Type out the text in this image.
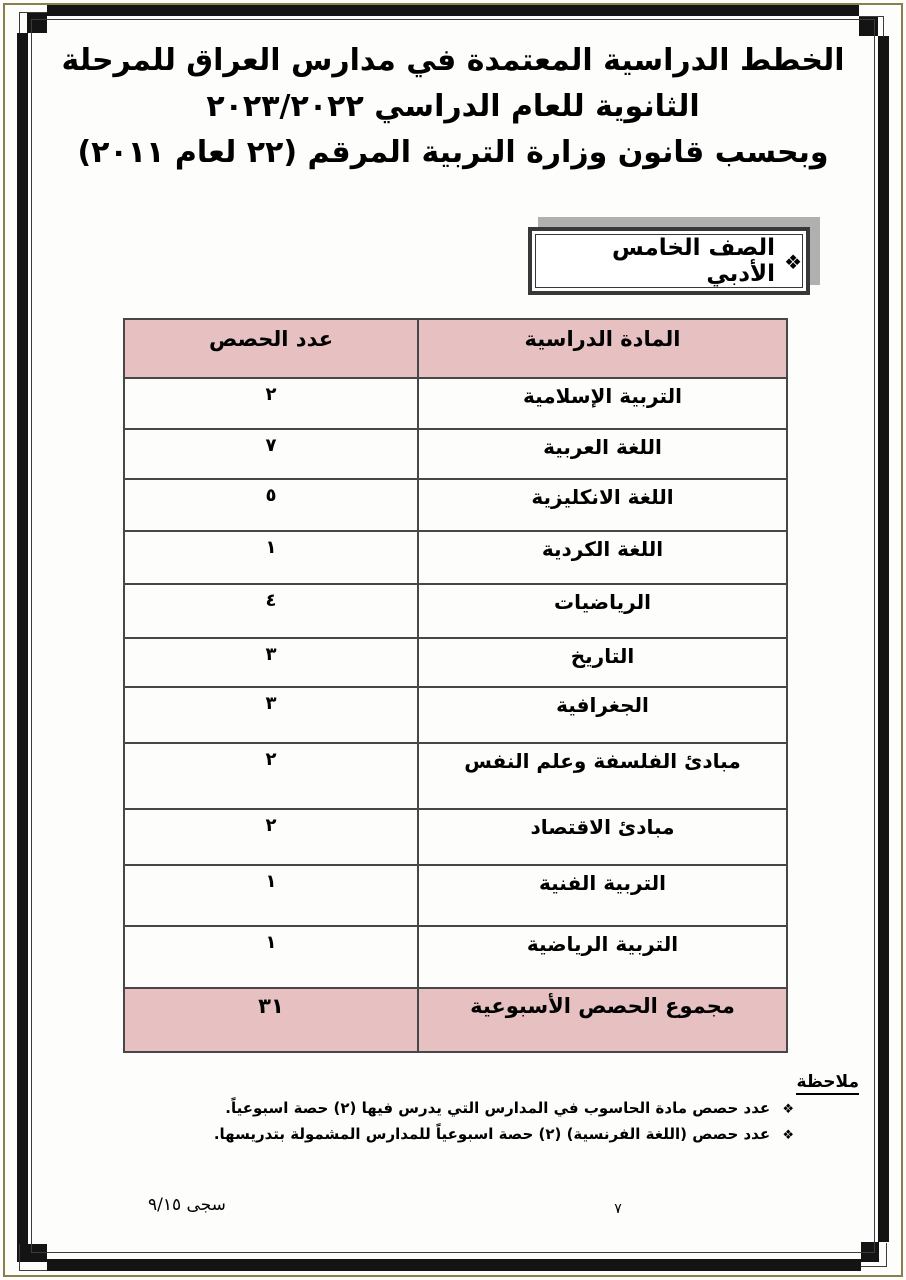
الخطط الدراسية المعتمدة في مدارس العراق للمرحلة
الثانوية للعام الدراسي ٢٠٢٣/٢٠٢٢
وبحسب قانون وزارة التربية المرقم (٢٢ لعام ٢٠١١)
❖
الصف الخامس الأدبي
المادة الدراسية	عدد الحصص
التربية الإسلامية	٢
اللغة العربية	٧
اللغة الانكليزية	٥
اللغة الكردية	١
الرياضيات	٤
التاريخ	٣
الجغرافية	٣
مبادئ الفلسفة وعلم النفس	٢
مبادئ الاقتصاد	٢
التربية الفنية	١
التربية الرياضية	١
مجموع الحصص الأسبوعية	٣١
ملاحظة
❖ عدد حصص مادة الحاسوب في المدارس التي يدرس فيها (٢) حصة اسبوعياً.
❖ عدد حصص (اللغة الفرنسية) (٢) حصة اسبوعياً للمدارس المشمولة بتدريسها.
سجى ٩/١٥	٧
